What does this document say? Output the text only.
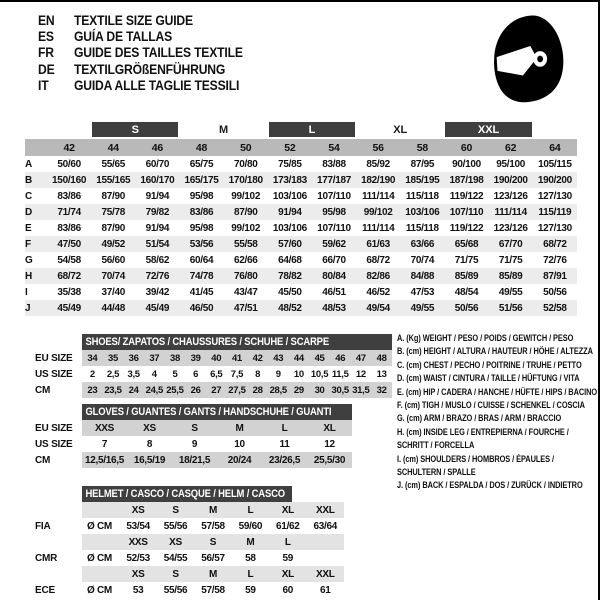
EN	TEXTILE SIZE GUIDE
ES	GUÍA DE TALLAS
FR	GUIDE DES TAILLES TEXTILE
DE	TEXTILGRÖßENFÜHRUNG
IT	GUIDA ALLE TAGLIE TESSILI
		S		M		L		XL		XXL		
	42	44	46	48	50	52	54	56	58	60	62	64
A	50/60	55/65	60/70	65/75	70/80	75/85	83/88	85/92	87/95	90/100	95/100	105/115
B	150/160	155/165	160/170	165/175	170/180	173/183	177/187	182/190	185/195	187/198	190/200	190/200
C	83/86	87/90	91/94	95/98	99/102	103/106	107/110	111/114	115/118	119/122	123/126	127/130
D	71/74	75/78	79/82	83/86	87/90	91/94	95/98	99/102	103/106	107/110	111/114	115/119
E	83/86	87/90	91/94	95/98	99/102	103/106	107/110	111/114	115/118	119/122	123/126	127/130
F	47/50	49/52	51/54	53/56	55/58	57/60	59/62	61/63	63/66	65/68	67/70	68/72
G	54/58	56/60	58/62	60/64	62/66	64/68	66/70	68/72	70/74	71/75	71/75	72/76
H	68/72	70/74	72/76	74/78	76/80	78/82	80/84	82/86	84/88	85/89	85/89	87/91
I	35/38	37/40	39/42	41/45	43/47	45/50	46/51	46/52	47/53	48/54	49/55	50/56
J	45/49	44/48	45/49	46/50	47/51	48/52	48/53	49/54	49/55	50/56	51/56	52/58
SHOES/ ZAPATOS / CHAUSSURES / SCHUHE / SCARPE
EU SIZE	34	35	36	37	38	39	40	41	42	43	44	45	46	47	48
US SIZE	2	2,5	3,5	4	5	6	6,5	7,5	8	9	10	10,5	11,5	12	13
CM	23	23,5	24	24,5	25,5	26	27	27,5	28	28,5	29	30	30,5	31,5	32
GLOVES / GUANTES / GANTS / HANDSCHUHE / GUANTI
EU SIZE	XXS	XS	S	M	L	XL
US SIZE	7	8	9	10	11	12
CM	12,5/16,5	16,5/19	18/21,5	20/24	23/26,5	25,5/30
HELMET / CASCO / CASQUE / HELM / CASCO
		XS	S	M	L	XL	XXL
FIA	Ø CM	53/54	55/56	57/58	59/60	61/62	63/64
		XXS	XS	S	M	L	
CMR	Ø CM	52/53	54/55	56/57	58	59	
		XS	S	M	L	XL	XXL
ECE	Ø CM	53	55/56	57/58	59	60	61
A. (Kg) WEIGHT / PESO / POIDS / GEWITCH / PESO
B. (cm) HEIGHT / ALTURA / HAUTEUR / HÖHE / ALTEZZA
C. (cm) CHEST / PECHO / POITRINE / TRUHE / PETTO
D. (cm) WAIST / CINTURA / TAILLE / HÜFTUNG / VITA
E. (cm) HIP / CADERA / HANCHE / HÜFTE / HIPS / BACINO
F. (cm) TIGH / MUSLO / CUISSE / SCHENKEL / COSCIA
G. (cm) ARM / BRAZO / BRAS / ARM / BRACCIO
H. (cm) INSIDE LEG / ENTREPIERNA / FOURCHE /
SCHRITT / FORCELLA
I. (cm) SHOULDERS / HOMBROS / ÉPAULES /
SCHULTERN / SPALLE
J. (cm) BACK / ESPALDA / DOS / ZURÜCK / INDIETRO
